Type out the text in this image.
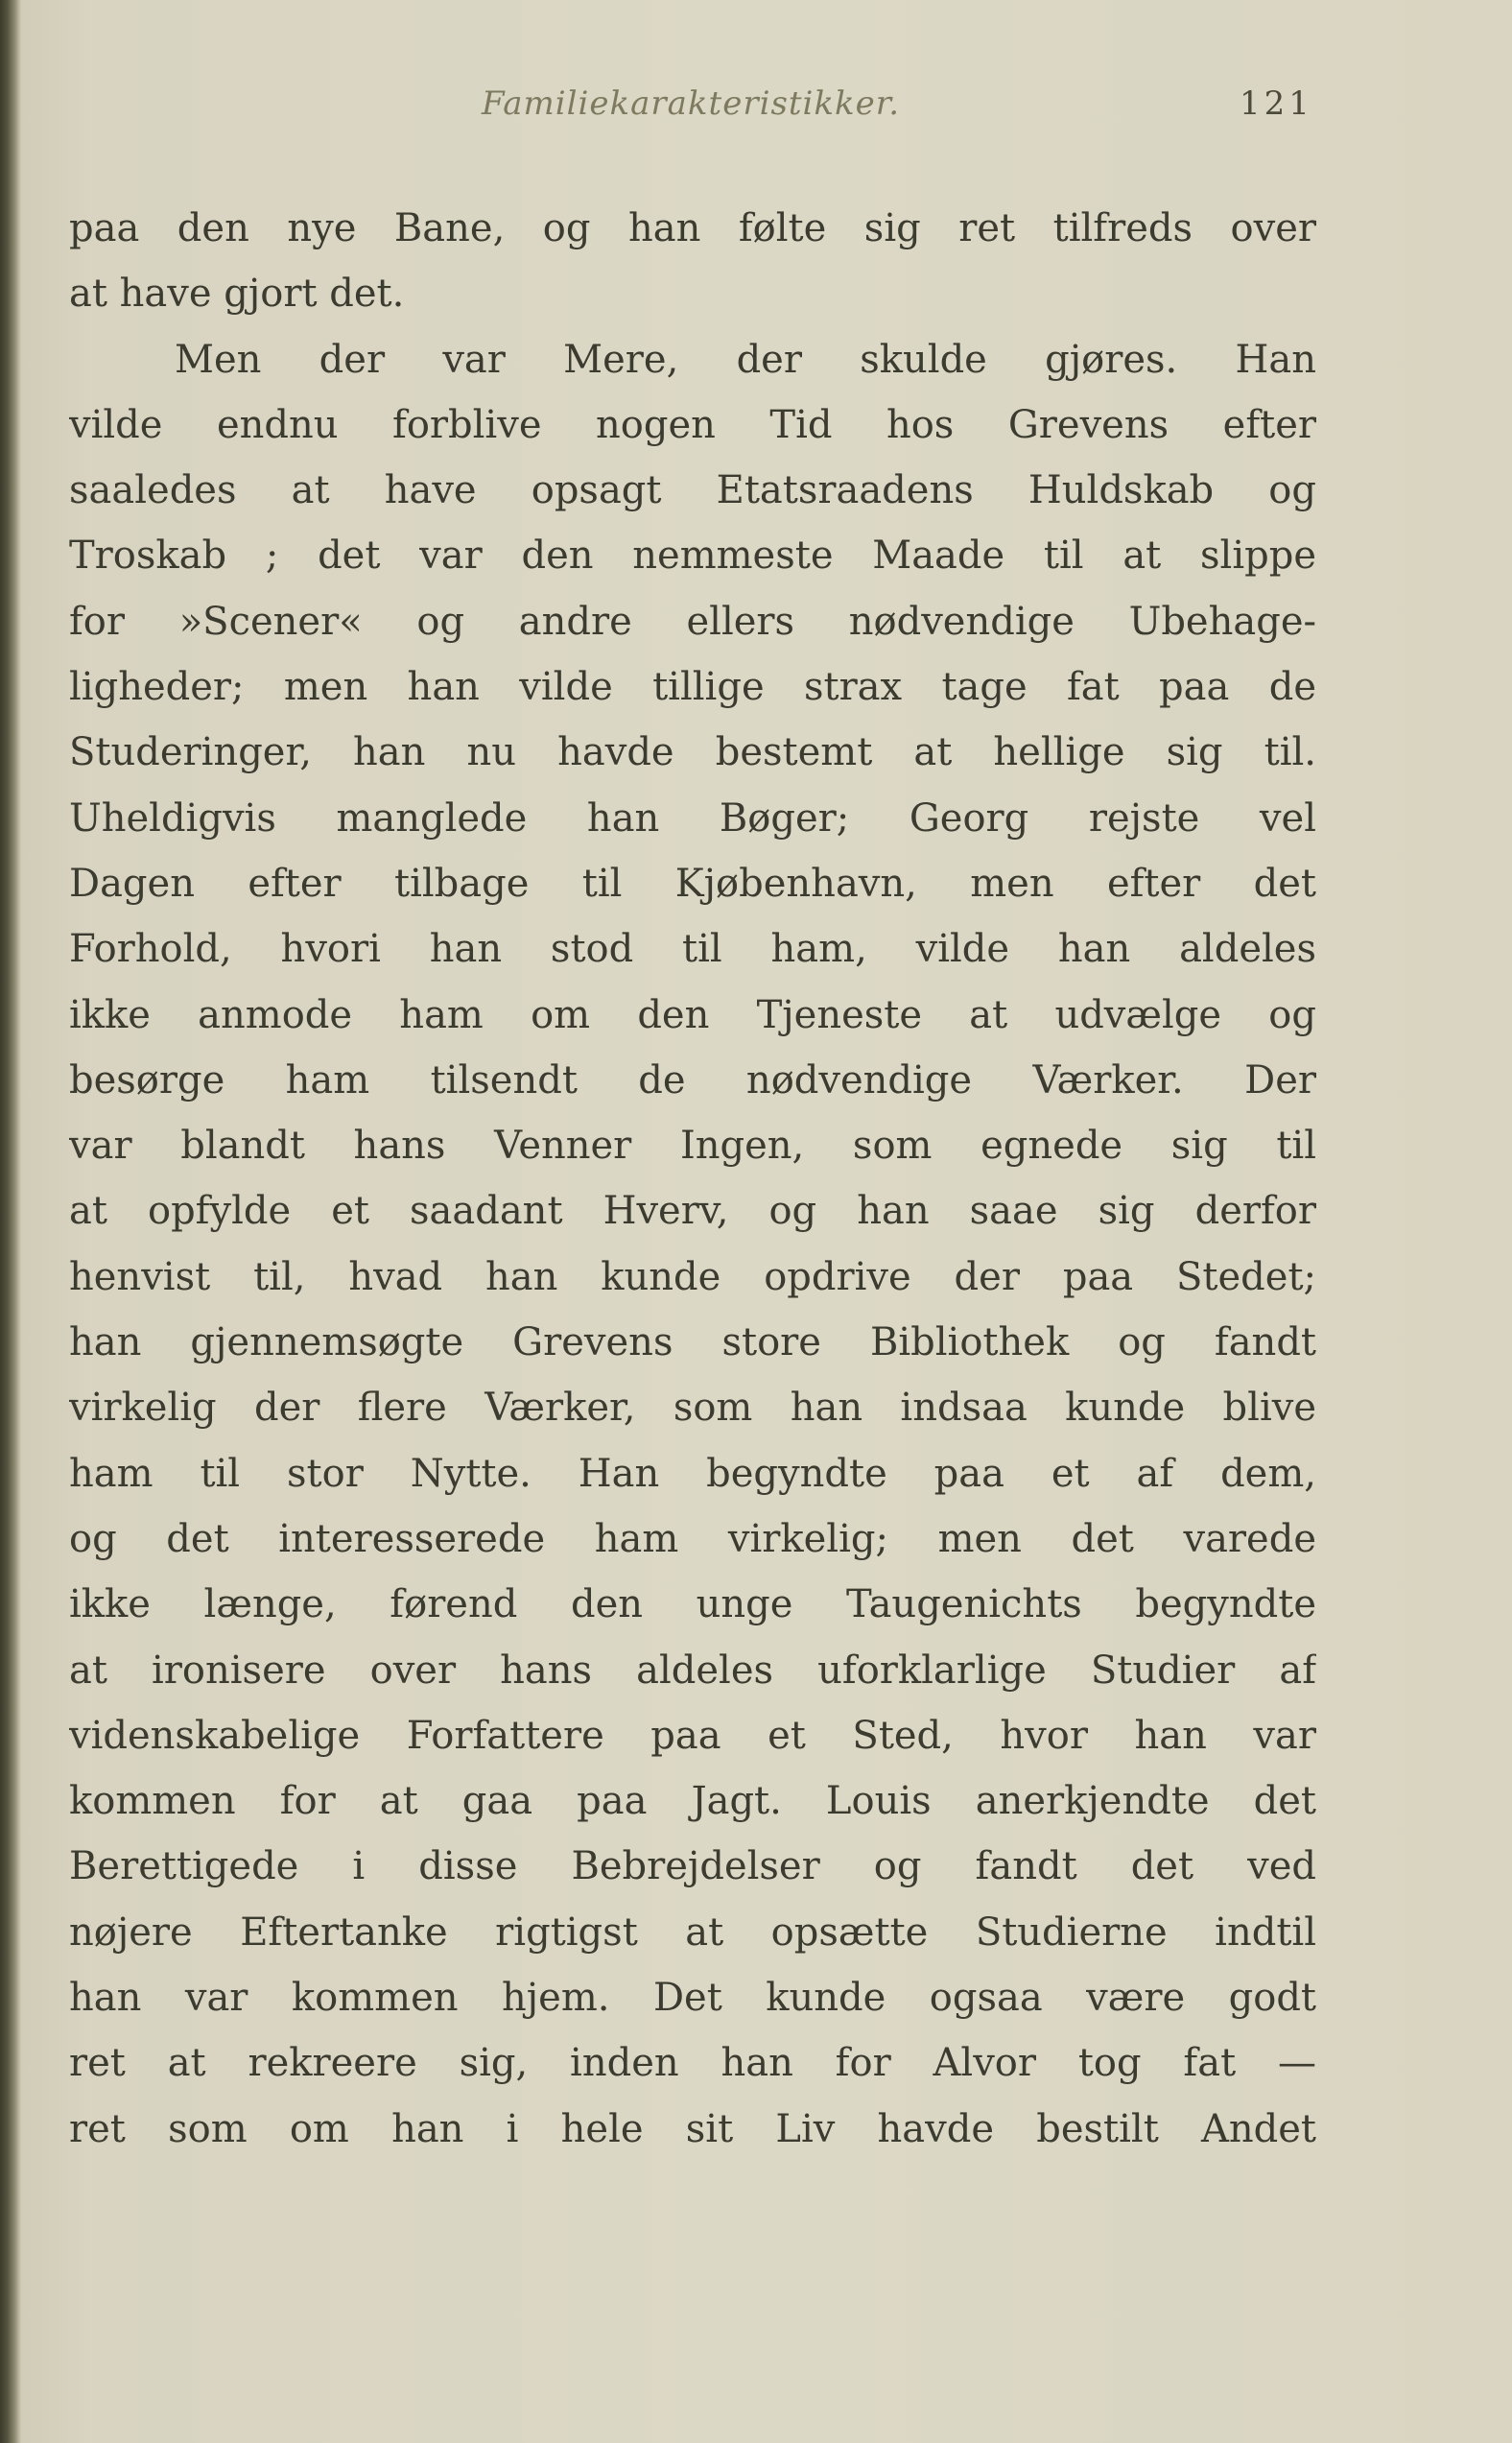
Familiekarakteristikker.	121
paa den nye Bane, og han følte sig ret tilfreds over
at have gjort det.
Men der var Mere, der skulde gjøres. Han
vilde endnu forblive nogen Tid hos Grevens efter
saaledes at have opsagt Etatsraadens Huldskab og
Troskab ; det var den nemmeste Maade til at slippe
for »Scener« og andre ellers nødvendige Ubehage-
ligheder; men han vilde tillige strax tage fat paa de
Studeringer, han nu havde bestemt at hellige sig til.
Uheldigvis manglede han Bøger; Georg rejste vel
Dagen efter tilbage til Kjøbenhavn, men efter det
Forhold, hvori han stod til ham, vilde han aldeles
ikke anmode ham om den Tjeneste at udvælge og
besørge ham tilsendt de nødvendige Værker. Der
var blandt hans Venner Ingen, som egnede sig til
at opfylde et saadant Hverv, og han saae sig derfor
henvist til, hvad han kunde opdrive der paa Stedet;
han gjennemsøgte Grevens store Bibliothek og fandt
virkelig der flere Værker, som han indsaa kunde blive
ham til stor Nytte. Han begyndte paa et af dem,
og det interesserede ham virkelig; men det varede
ikke længe, førend den unge Taugenichts begyndte
at ironisere over hans aldeles uforklarlige Studier af
videnskabelige Forfattere paa et Sted, hvor han var
kommen for at gaa paa Jagt. Louis anerkjendte det
Berettigede i disse Bebrejdelser og fandt det ved
nøjere Eftertanke rigtigst at opsætte Studierne indtil
han var kommen hjem. Det kunde ogsaa være godt
ret at rekreere sig, inden han for Alvor tog fat —
ret som om han i hele sit Liv havde bestilt Andet
